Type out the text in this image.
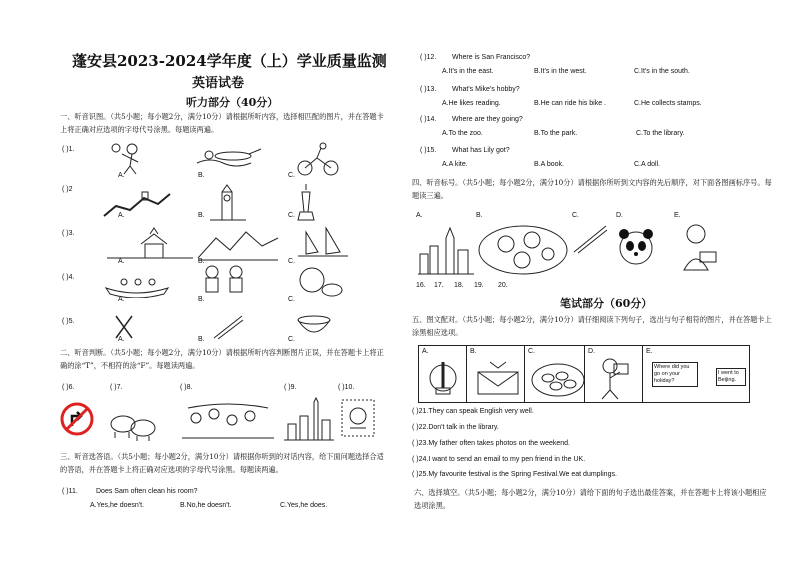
蓬安县2023-2024学年度（上）学业质量监测
英语试卷
听力部分（40分）
一、听音识图。（共5小题；每小题2分，满分10分）请根据所听内容，选择相匹配的图片，并在答题卡上将正确对应选项的字母代号涂黑。每题读两遍。
( )1.
A.	B.	C.
( )2
A.	B.	C.
( )3.
A.	B.	C.
( )4.
A.	B.	C.
( )5.
A.	B.	C.
二、听音判断。（共5小题；每小题2分，满分10分）请根据所听内容判断图片正误，并在答题卡上将正确的涂“T”，不相符的涂“F”。每题读两遍。
( )6.	( )7.	( )8.	( )9.	( )10.
三、听音选答语。（共5小题；每小题2分，满分10分）请根据你听到的对话内容，给下面问题选择合适的答语，并在答题卡上将正确对应选项的字母代号涂黑。每题读两遍。
( )11.	Does Sam often clean his room?
A.Yes,he doesn't.	B.No,he doesn't.	C.Yes,he does.
( )12. Where is San Francisco?
A.It's in the east.	B.It's in the west.	C.It's in the south.
( )13. What's Mike's hobby?
A.He likes reading.	B.He can ride his bike .	C.He collects stamps.
( )14. Where are they going?
A.To the zoo.	B.To the park.	C.To the library.
( )15. What has Lily got?
A.A kite.	B.A book.	C.A doll.
四、听音标号。（共5小题；每小题2分，满分10分）请根据你所听到文内容的先后顺序，对下面各图画标序号。每题读三遍。
A.	B.	C.	D.	E.
16. 17. 18. 19. 20.
笔试部分（60分）
五、图文配对。（共5小题；每小题2分，满分10分）请仔细阅读下列句子，选出与句子相符的图片，并在答题卡上涂黑相应选项。
A.	B.	C.	D.	E.
Where did you go on your holiday?
I went to Beijing.
( )21.They can speak English very well.
( )22.Don't talk in the library.
( )23.My father often takes photos on the weekend.
( )24.I want to send an email to my pen friend in the UK.
( )25.My favourite festival is the Spring Festival.We eat dumplings.
六、选择填空。（共5小题；每小题2分，满分10分）请给下面的句子选出最佳答案，并在答题卡上将该小题相应选项涂黑。
